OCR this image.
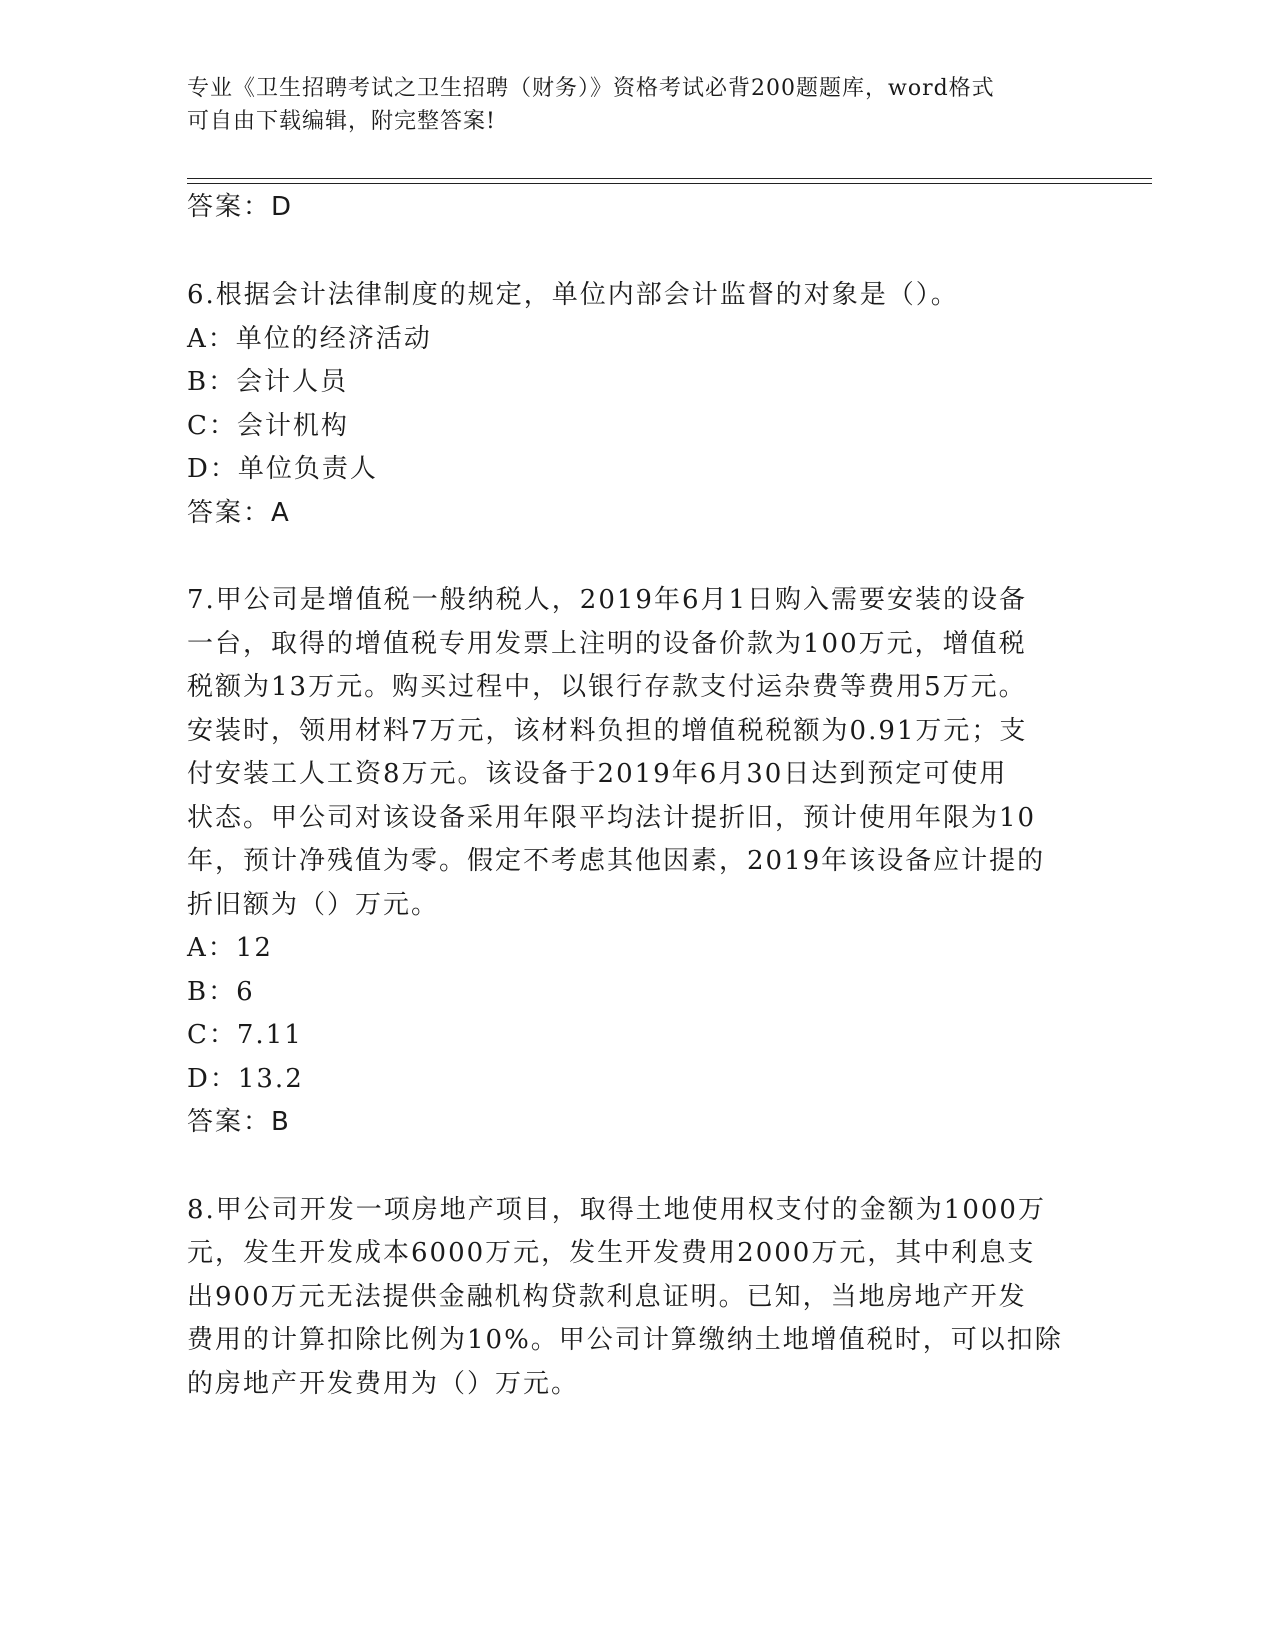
专业《卫生招聘考试之卫生招聘（财务）》资格考试必背200题题库，word格式
可自由下载编辑，附完整答案!
答案：D
6.根据会计法律制度的规定，单位内部会计监督的对象是（）。
A：单位的经济活动
B：会计人员
C：会计机构
D：单位负责人
答案：A
7.甲公司是增值税一般纳税人，2019年6月1日购入需要安装的设备
一台，取得的增值税专用发票上注明的设备价款为100万元，增值税
税额为13万元。购买过程中，以银行存款支付运杂费等费用5万元。
安装时，领用材料7万元，该材料负担的增值税税额为0.91万元；支
付安装工人工资8万元。该设备于2019年6月30日达到预定可使用
状态。甲公司对该设备采用年限平均法计提折旧，预计使用年限为10
年，预计净残值为零。假定不考虑其他因素，2019年该设备应计提的
折旧额为（）万元。
A：12
B：6
C：7.11
D：13.2
答案：B
8.甲公司开发一项房地产项目，取得土地使用权支付的金额为1000万
元，发生开发成本6000万元，发生开发费用2000万元，其中利息支
出900万元无法提供金融机构贷款利息证明。已知，当地房地产开发
费用的计算扣除比例为10%。甲公司计算缴纳土地增值税时，可以扣除
的房地产开发费用为（）万元。
